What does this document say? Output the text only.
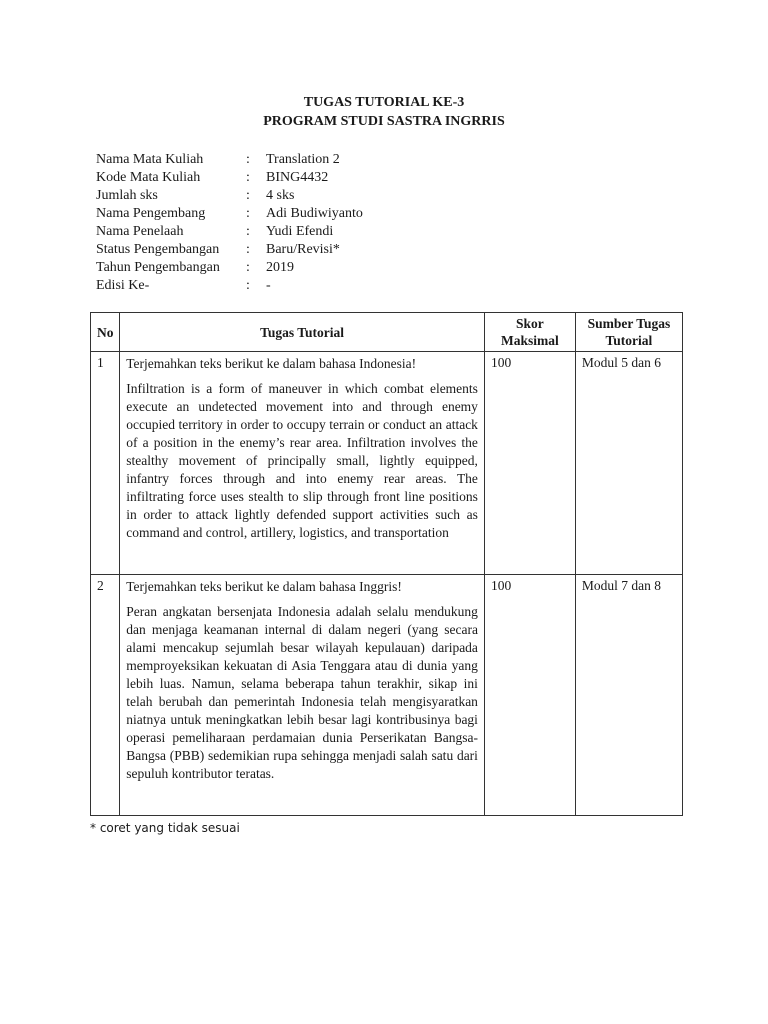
TUGAS TUTORIAL KE-3
PROGRAM STUDI SASTRA INGRRIS
Nama Mata Kuliah	:	Translation 2
Kode Mata Kuliah	:	BING4432
Jumlah sks	:	4 sks
Nama Pengembang	:	Adi Budiwiyanto
Nama Penelaah	:	Yudi Efendi
Status Pengembangan	:	Baru/Revisi*
Tahun Pengembangan	:	2019
Edisi Ke-	:	-
No	Tugas Tutorial	Skor Maksimal	Sumber Tugas Tutorial
1	Terjemahkan teks berikut ke dalam bahasa Indonesia!

Infiltration is a form of maneuver in which combat elements execute an undetected movement into and through enemy occupied territory in order to occupy terrain or conduct an attack of a position in the enemy’s rear area. Infiltration involves the stealthy movement of principally small, lightly equipped, infantry forces through and into enemy rear areas. The infiltrating force uses stealth to slip through front line positions in order to attack lightly defended support activities such as command and control, artillery, logistics, and transportation	100	Modul 5 dan 6
2	Terjemahkan teks berikut ke dalam bahasa Inggris!

Peran angkatan bersenjata Indonesia adalah selalu mendukung dan menjaga keamanan internal di dalam negeri (yang secara alami mencakup sejumlah besar wilayah kepulauan) daripada memproyeksikan kekuatan di Asia Tenggara atau di dunia yang lebih luas. Namun, selama beberapa tahun terakhir, sikap ini telah berubah dan pemerintah Indonesia telah mengisyaratkan niatnya untuk meningkatkan lebih besar lagi kontribusinya bagi operasi pemeliharaan perdamaian dunia Perserikatan Bangsa-Bangsa (PBB) sedemikian rupa sehingga menjadi salah satu dari sepuluh kontributor teratas.	100	Modul 7 dan 8
* coret yang tidak sesuai
